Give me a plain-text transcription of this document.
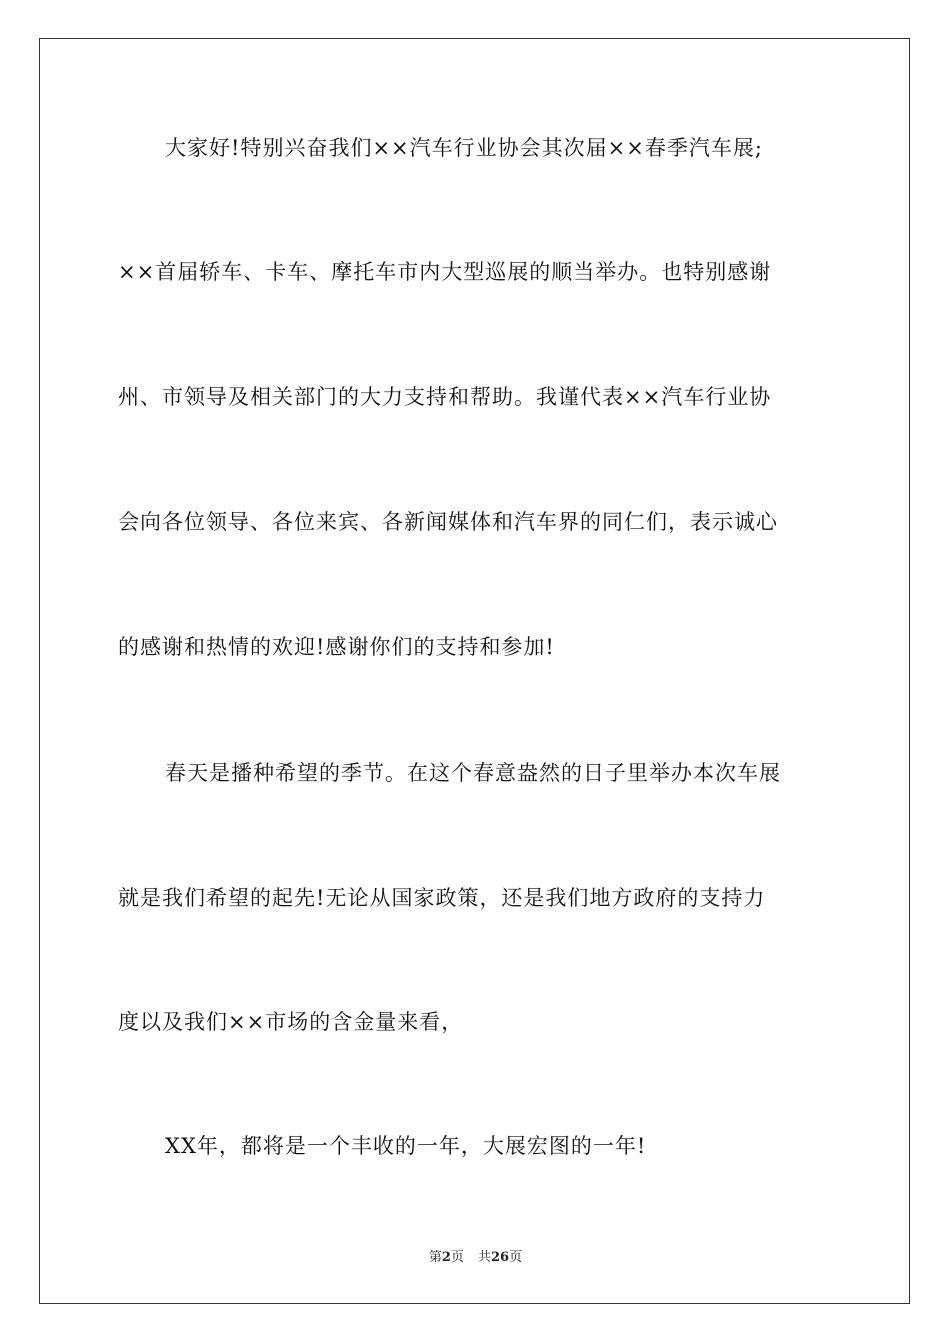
大家好!特别兴奋我们××汽车行业协会其次届××春季汽车展;
××首届轿车、卡车、摩托车市内大型巡展的顺当举办。也特别感谢
州、市领导及相关部门的大力支持和帮助。我谨代表××汽车行业协
会向各位领导、各位来宾、各新闻媒体和汽车界的同仁们，表示诚心
的感谢和热情的欢迎!感谢你们的支持和参加!
春天是播种希望的季节。在这个春意盎然的日子里举办本次车展
就是我们希望的起先!无论从国家政策，还是我们地方政府的支持力
度以及我们××市场的含金量来看，
XX年，都将是一个丰收的一年，大展宏图的一年!
第2页 共26页
